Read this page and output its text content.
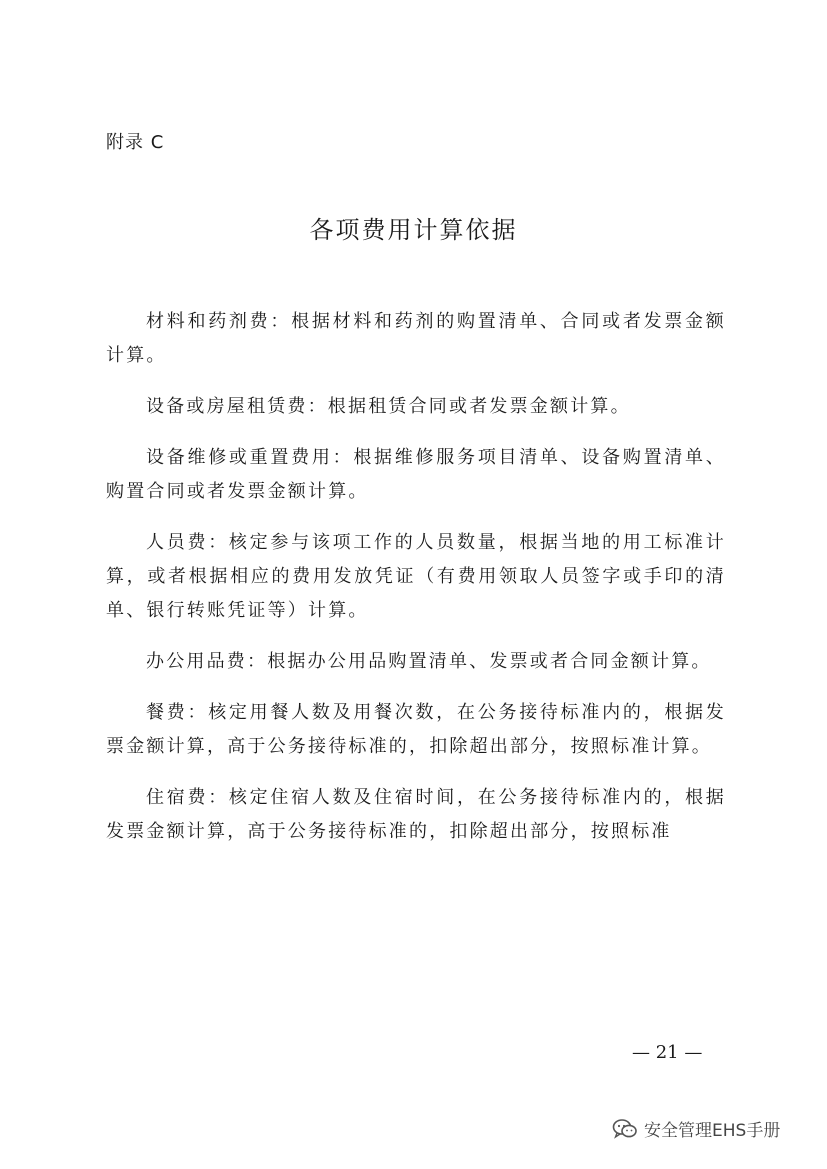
附录 C
各项费用计算依据

材料和药剂费：根据材料和药剂的购置清单、合同或者发票金额计算。

设备或房屋租赁费：根据租赁合同或者发票金额计算。

设备维修或重置费用：根据维修服务项目清单、设备购置清单、购置合同或者发票金额计算。

人员费：核定参与该项工作的人员数量，根据当地的用工标准计算，或者根据相应的费用发放凭证（有费用领取人员签字或手印的清单、银行转账凭证等）计算。

办公用品费：根据办公用品购置清单、发票或者合同金额计算。

餐费：核定用餐人数及用餐次数，在公务接待标准内的，根据发票金额计算，高于公务接待标准的，扣除超出部分，按照标准计算。

住宿费：核定住宿人数及住宿时间，在公务接待标准内的，根据发票金额计算，高于公务接待标准的，扣除超出部分，按照标准

— 21 —
安全管理EHS手册
